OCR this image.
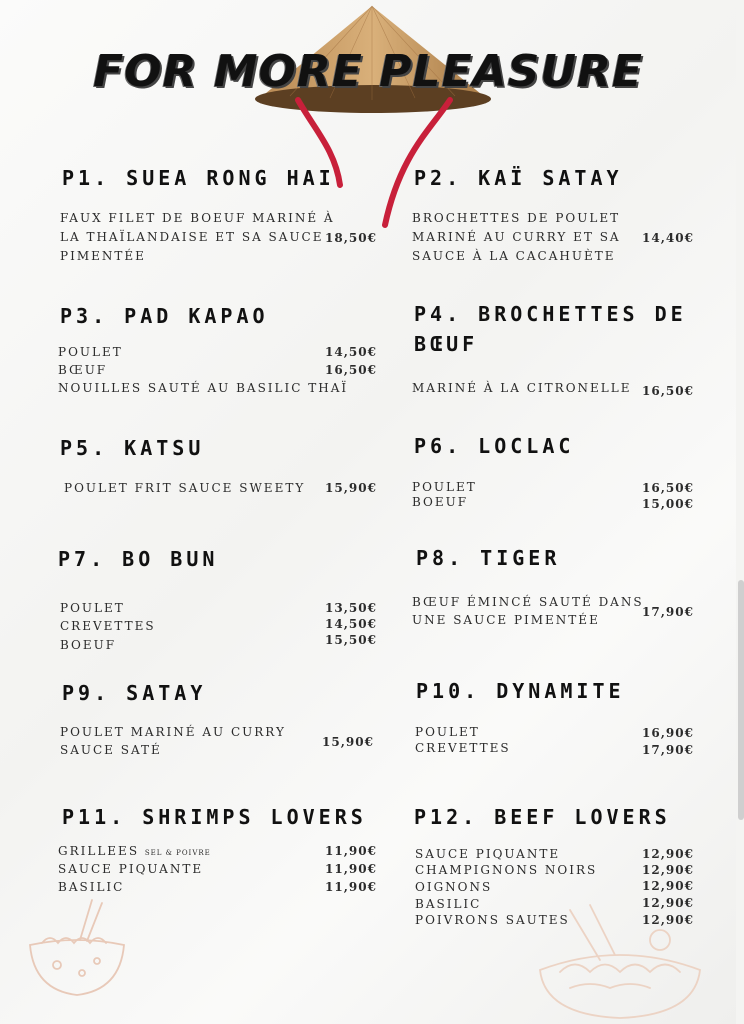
FOR MORE PLEASURE
P1. SUEA RONG HAI
FAUX FILET DE BOEUF MARINÉ À
LA THAÏLANDAISE ET SA SAUCE
PIMENTÉE
18,50€
P2. KAÏ SATAY
BROCHETTES DE POULET
MARINÉ AU CURRY ET SA
SAUCE À LA CACAHUÈTE
14,40€
P3. PAD KAPAO
POULET
BŒUF
NOUILLES SAUTÉ AU BASILIC THAÏ
14,50€
16,50€
P4. BROCHETTES DE
BŒUF
MARINÉ À LA CITRONELLE 16,50€
P5. KATSU
POULET FRIT SAUCE SWEETY 15,90€
P6. LOCLAC
POULET
BOEUF
16,50€
15,00€
P7. BO BUN
POULET
CREVETTES
BOEUF
13,50€
14,50€
15,50€
P8. TIGER
BŒUF ÉMINCÉ SAUTÉ DANS
UNE SAUCE PIMENTÉE
17,90€
P9. SATAY
POULET MARINÉ AU CURRY
SAUCE SATÉ
15,90€
P10. DYNAMITE
POULET
CREVETTES
16,90€
17,90€
P11. SHRIMPS LOVERS
GRILLEES SEL & POIVRE
SAUCE PIQUANTE
BASILIC
11,90€
11,90€
11,90€
P12. BEEF LOVERS
SAUCE PIQUANTE
CHAMPIGNONS NOIRS
OIGNONS
BASILIC
POIVRONS SAUTES
12,90€
12,90€
12,90€
12,90€
12,90€
